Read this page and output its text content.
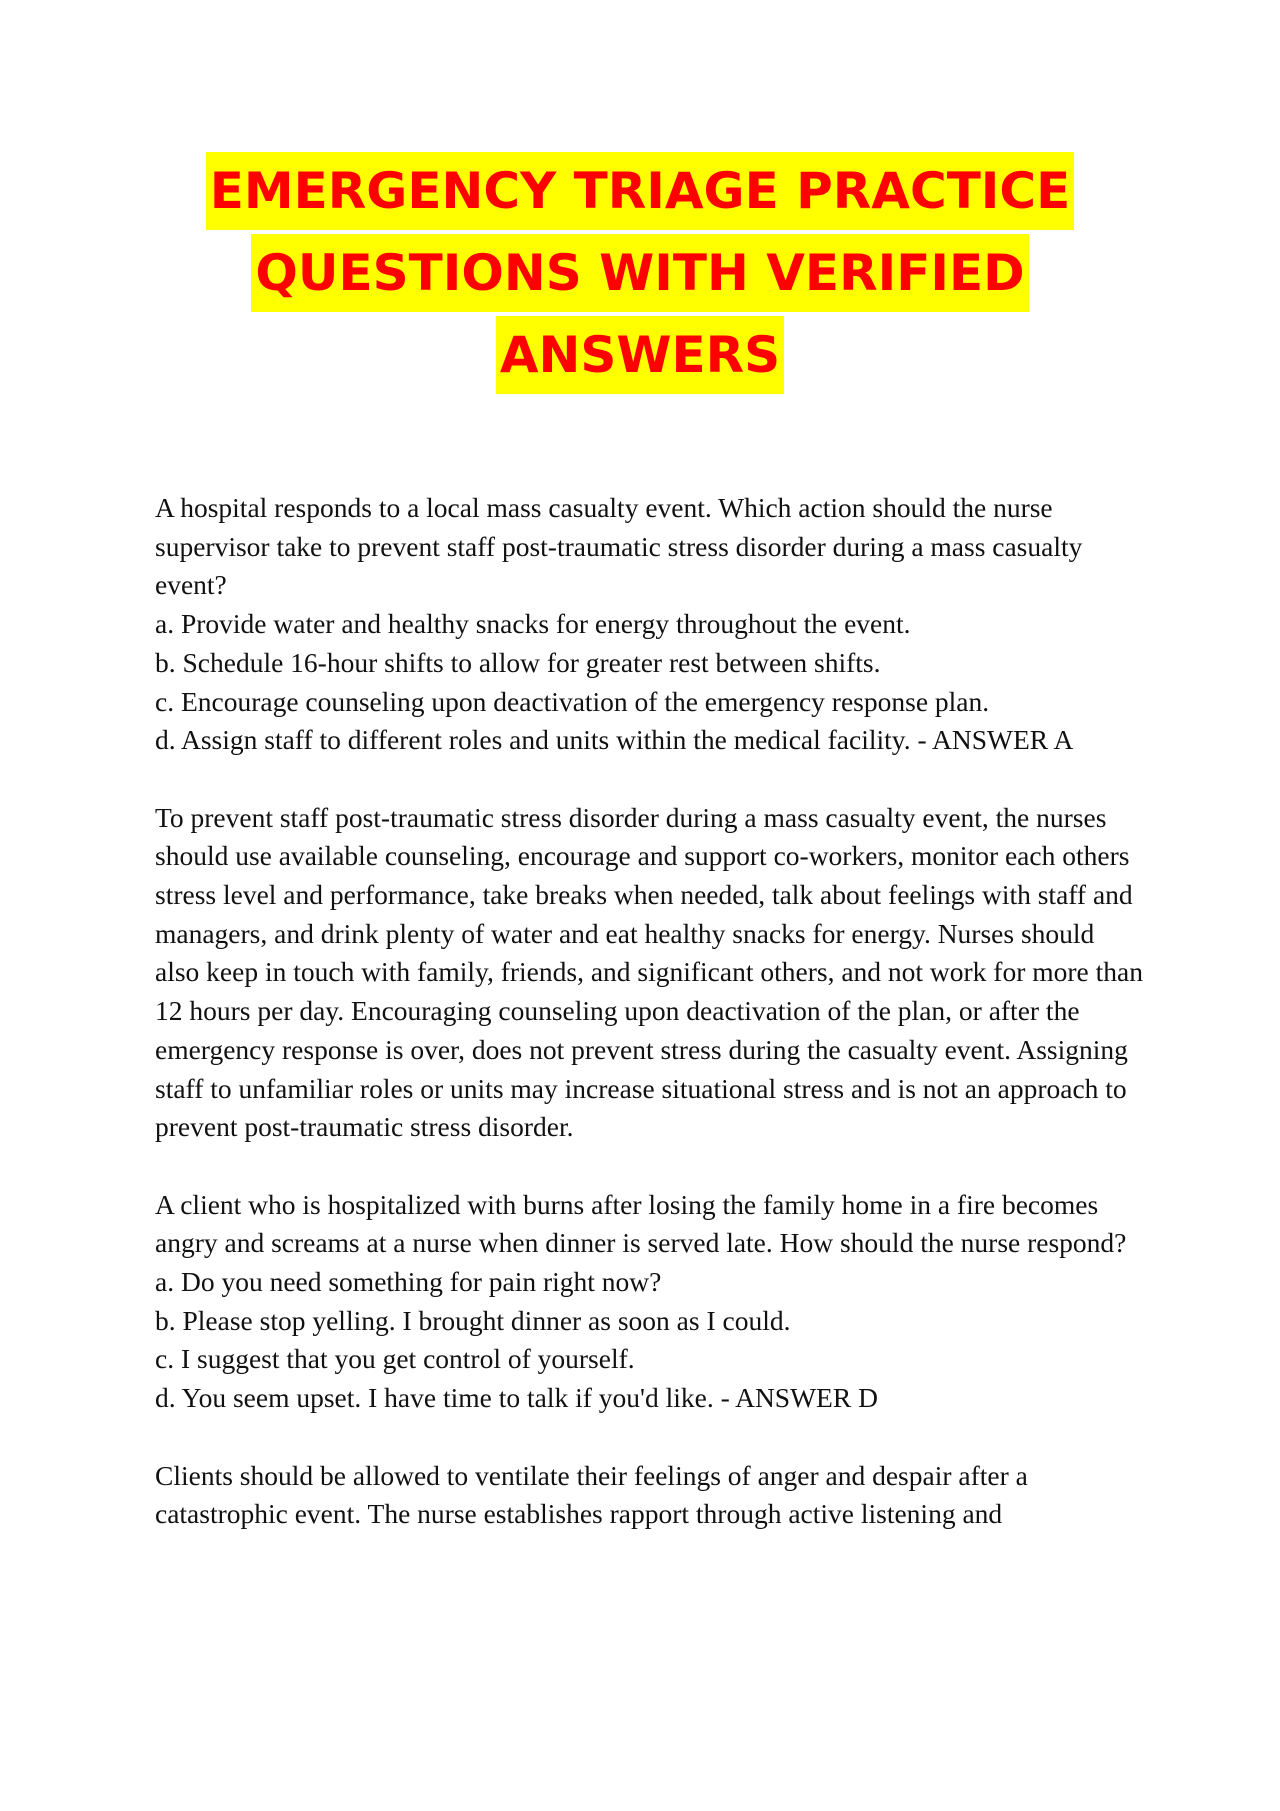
EMERGENCY TRIAGE PRACTICE
QUESTIONS WITH VERIFIED
ANSWERS

A hospital responds to a local mass casualty event. Which action should the nurse supervisor take to prevent staff post-traumatic stress disorder during a mass casualty event?

a. Provide water and healthy snacks for energy throughout the event.

b. Schedule 16-hour shifts to allow for greater rest between shifts.

c. Encourage counseling upon deactivation of the emergency response plan.

d. Assign staff to different roles and units within the medical facility. - ANSWER A

To prevent staff post-traumatic stress disorder during a mass casualty event, the nurses should use available counseling, encourage and support co-workers, monitor each others stress level and performance, take breaks when needed, talk about feelings with staff and managers, and drink plenty of water and eat healthy snacks for energy. Nurses should also keep in touch with family, friends, and significant others, and not work for more than 12 hours per day. Encouraging counseling upon deactivation of the plan, or after the emergency response is over, does not prevent stress during the casualty event. Assigning staff to unfamiliar roles or units may increase situational stress and is not an approach to prevent post-traumatic stress disorder.

A client who is hospitalized with burns after losing the family home in a fire becomes angry and screams at a nurse when dinner is served late. How should the nurse respond?

a. Do you need something for pain right now?

b. Please stop yelling. I brought dinner as soon as I could.

c. I suggest that you get control of yourself.

d. You seem upset. I have time to talk if you'd like. - ANSWER D

Clients should be allowed to ventilate their feelings of anger and despair after a catastrophic event. The nurse establishes rapport through active listening and
